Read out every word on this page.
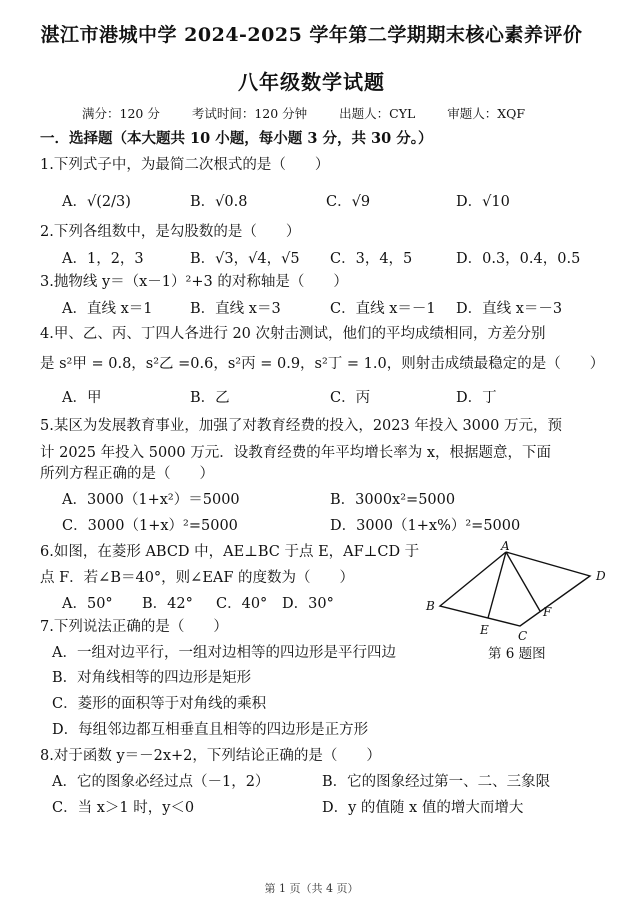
湛江市港城中学 2024-2025 学年第二学期期末核心素养评价
八年级数学试题
满分：120 分	考试时间：120 分钟	出题人：CYL	审题人：XQF
一．选择题（本大题共 10 小题，每小题 3 分，共 30 分。）
1.下列式子中，为最简二次根式的是（　　）
A．√(2/3)	B．√0.8	C．√9	D．√10
2.下列各组数中，是勾股数的是（　　）
A．1，2，3	B．√3，√4，√5 C．3，4，5	D．0.3，0.4，0.5
3.抛物线 y＝（x－1）²+3 的对称轴是（　　）
A．直线 x＝1	B．直线 x＝3	C．直线 x＝－1 D．直线 x＝－3
4.甲、乙、丙、丁四人各进行 20 次射击测试，他们的平均成绩相同，方差分别
是 s²甲 = 0.8，s²乙 =0.6，s²丙 = 0.9，s²丁 = 1.0，则射击成绩最稳定的是（　　）
A．甲	B．乙	C．丙	D．丁
5.某区为发展教育事业，加强了对教育经费的投入，2023 年投入 3000 万元，预
计 2025 年投入 5000 万元．设教育经费的年平均增长率为 x，根据题意，下面
所列方程正确的是（　　）
A．3000（1+x²）＝5000	B．3000x²=5000
C．3000（1+x）²=5000	D．3000（1+x%）²=5000
6.如图，在菱形 ABCD 中，AE⊥BC 于点 E，AF⊥CD 于
点 F．若∠B＝40°，则∠EAF 的度数为（　　）
A．50° B．42° C．40° D．30°
A
B
C
D
E
F
第 6 题图
7.下列说法正确的是（　　）
A．一组对边平行，一组对边相等的四边形是平行四边
B．对角线相等的四边形是矩形
C．菱形的面积等于对角线的乘积
D．每组邻边都互相垂直且相等的四边形是正方形
8.对于函数 y＝－2x+2，下列结论正确的是（　　）
A．它的图象必经过点（－1，2）	B．它的图象经过第一、二、三象限
C．当 x＞1 时，y＜0	D．y 的值随 x 值的增大而增大
第 1 页（共 4 页）
